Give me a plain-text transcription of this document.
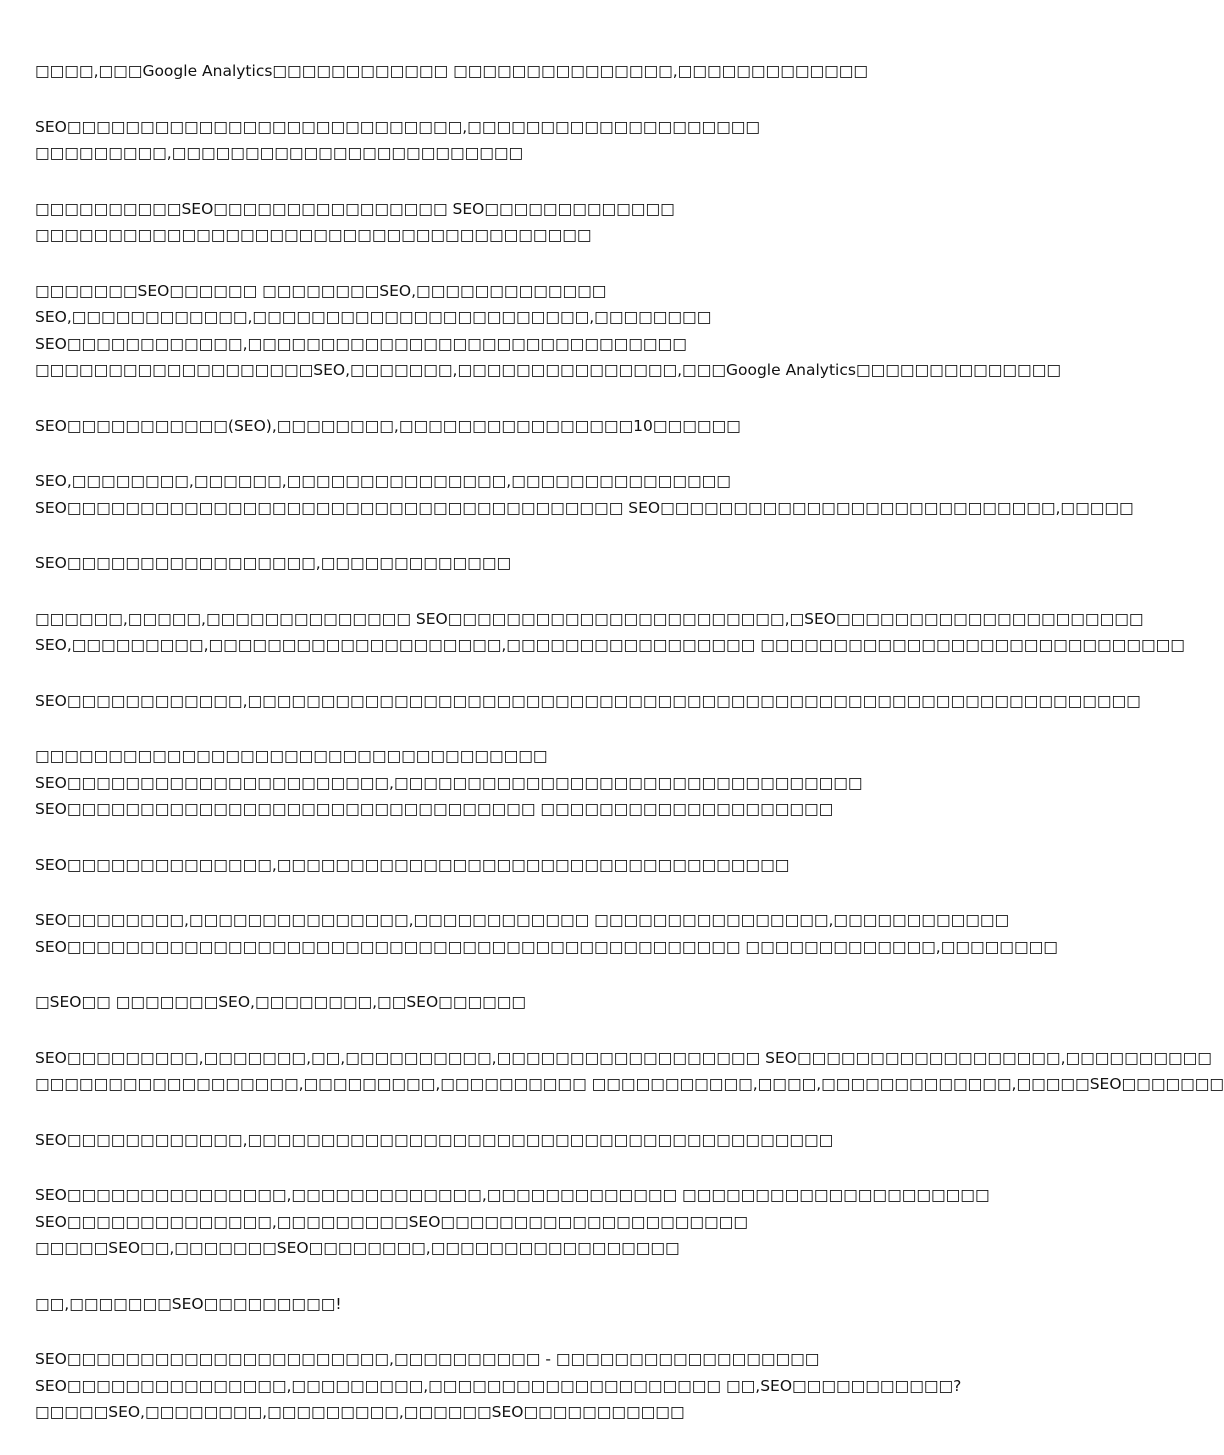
□□□□,□□□Google Analytics□□□□□□□□□□□□ □□□□□□□□□□□□□□□,□□□□□□□□□□□□□
SEO□□□□□□□□□□□□□□□□□□□□□□□□□□□,□□□□□□□□□□□□□□□□□□□□
□□□□□□□□□,□□□□□□□□□□□□□□□□□□□□□□□□
□□□□□□□□□□SEO□□□□□□□□□□□□□□□□ SEO□□□□□□□□□□□□□
□□□□□□□□□□□□□□□□□□□□□□□□□□□□□□□□□□□□□□
□□□□□□□SEO□□□□□□ □□□□□□□□SEO,□□□□□□□□□□□□□
SEO,□□□□□□□□□□□□,□□□□□□□□□□□□□□□□□□□□□□□,□□□□□□□□
SEO□□□□□□□□□□□□,□□□□□□□□□□□□□□□□□□□□□□□□□□□□□□
□□□□□□□□□□□□□□□□□□□SEO,□□□□□□□,□□□□□□□□□□□□□□□,□□□Google Analytics□□□□□□□□□□□□□□
SEO□□□□□□□□□□□(SEO),□□□□□□□□,□□□□□□□□□□□□□□□□10□□□□□□
SEO,□□□□□□□□,□□□□□□,□□□□□□□□□□□□□□□,□□□□□□□□□□□□□□□
SEO□□□□□□□□□□□□□□□□□□□□□□□□□□□□□□□□□□□□□□ SEO□□□□□□□□□□□□□□□□□□□□□□□□□□□,□□□□□
SEO□□□□□□□□□□□□□□□□□,□□□□□□□□□□□□□
□□□□□□,□□□□□,□□□□□□□□□□□□□□ SEO□□□□□□□□□□□□□□□□□□□□□□□,□SEO□□□□□□□□□□□□□□□□□□□□□
SEO,□□□□□□□□□,□□□□□□□□□□□□□□□□□□□□,□□□□□□□□□□□□□□□□□ □□□□□□□□□□□□□□□□□□□□□□□□□□□□□
SEO□□□□□□□□□□□□,□□□□□□□□□□□□□□□□□□□□□□□□□□□□□□□□□□□□□□□□□□□□□□□□□□□□□□□□□□□□□
□□□□□□□□□□□□□□□□□□□□□□□□□□□□□□□□□□□
SEO□□□□□□□□□□□□□□□□□□□□□□,□□□□□□□□□□□□□□□□□□□□□□□□□□□□□□□□
SEO□□□□□□□□□□□□□□□□□□□□□□□□□□□□□□□□ □□□□□□□□□□□□□□□□□□□□
SEO□□□□□□□□□□□□□□,□□□□□□□□□□□□□□□□□□□□□□□□□□□□□□□□□□□
SEO□□□□□□□□,□□□□□□□□□□□□□□□,□□□□□□□□□□□□ □□□□□□□□□□□□□□□□,□□□□□□□□□□□□
SEO□□□□□□□□□□□□□□□□□□□□□□□□□□□□□□□□□□□□□□□□□□□□□□ □□□□□□□□□□□□□,□□□□□□□□
□SEO□□ □□□□□□□SEO,□□□□□□□□,□□SEO□□□□□□
SEO□□□□□□□□□,□□□□□□□,□□,□□□□□□□□□□,□□□□□□□□□□□□□□□□□□ SEO□□□□□□□□□□□□□□□□□□,□□□□□□□□□□
□□□□□□□□□□□□□□□□□□,□□□□□□□□□,□□□□□□□□□□ □□□□□□□□□□□,□□□□,□□□□□□□□□□□□□,□□□□□SEO□□□□□□□
SEO□□□□□□□□□□□□,□□□□□□□□□□□□□□□□□□□□□□□□□□□□□□□□□□□□□□□□
SEO□□□□□□□□□□□□□□□,□□□□□□□□□□□□□,□□□□□□□□□□□□□ □□□□□□□□□□□□□□□□□□□□□
SEO□□□□□□□□□□□□□□,□□□□□□□□□SEO□□□□□□□□□□□□□□□□□□□□□
□□□□□SEO□□,□□□□□□□SEO□□□□□□□□,□□□□□□□□□□□□□□□□□
□□,□□□□□□□SEO□□□□□□□□□!
SEO□□□□□□□□□□□□□□□□□□□□□□,□□□□□□□□□□ - □□□□□□□□□□□□□□□□□□
SEO□□□□□□□□□□□□□□□,□□□□□□□□□,□□□□□□□□□□□□□□□□□□□□ □□,SEO□□□□□□□□□□□?
□□□□□SEO,□□□□□□□□,□□□□□□□□□,□□□□□□SEO□□□□□□□□□□□
